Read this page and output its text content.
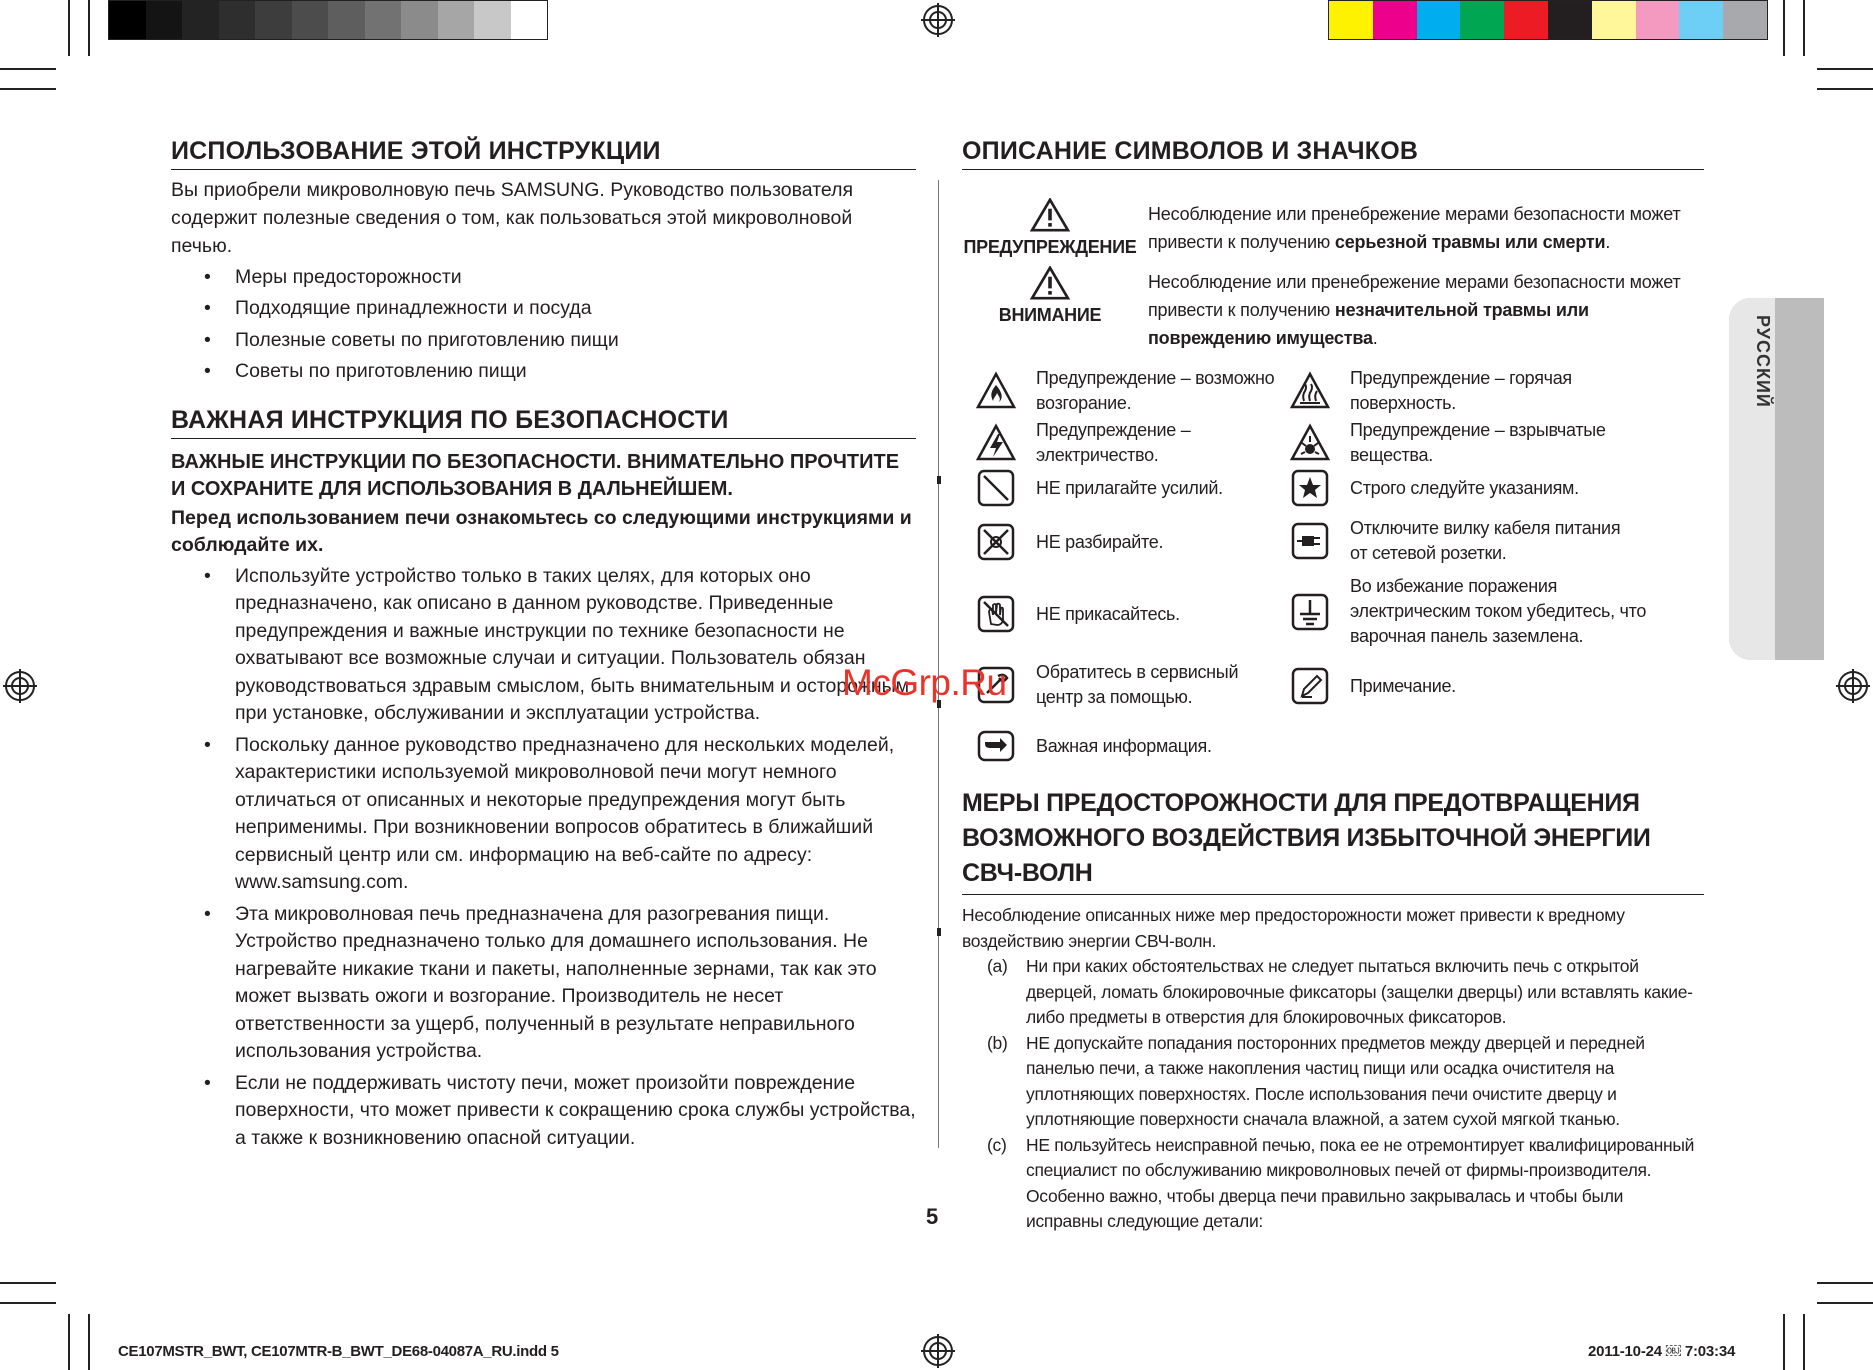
ИСПОЛЬЗОВАНИЕ ЭТОЙ ИНСТРУКЦИИ

Вы приобрели микроволновую печь SAMSUNG. Руководство пользователя содержит полезные сведения о том, как пользоваться этой микроволновой печью.

• Меры предосторожности
• Подходящие принадлежности и посуда
• Полезные советы по приготовлению пищи
• Советы по приготовлению пищи
ВАЖНАЯ ИНСТРУКЦИЯ ПО БЕЗОПАСНОСТИ
ВАЖНЫЕ ИНСТРУКЦИИ ПО БЕЗОПАСНОСТИ. ВНИМАТЕЛЬНО ПРОЧТИТЕ И СОХРАНИТЕ ДЛЯ ИСПОЛЬЗОВАНИЯ В ДАЛЬНЕЙШЕМ.
Перед использованием печи ознакомьтесь со следующими инструкциями и соблюдайте их.
• Используйте устройство только в таких целях, для которых оно предназначено, как описано в данном руководстве. Приведенные предупреждения и важные инструкции по технике безопасности не охватывают все возможные случаи и ситуации. Пользователь обязан руководствоваться здравым смыслом, быть внимательным и осторожным при установке, обслуживании и эксплуатации устройства.
• Поскольку данное руководство предназначено для нескольких моделей, характеристики используемой микроволновой печи могут немного отличаться от описанных и некоторые предупреждения могут быть неприменимы. При возникновении вопросов обратитесь в ближайший сервисный центр или см. информацию на веб-сайте по адресу: www.samsung.com.
• Эта микроволновая печь предназначена для разогревания пищи. Устройство предназначено только для домашнего использования. Не нагревайте никакие ткани и пакеты, наполненные зернами, так как это может вызвать ожоги и возгорание. Производитель не несет ответственности за ущерб, полученный в результате неправильного использования устройства.
• Если не поддерживать чистоту печи, может произойти повреждение поверхности, что может привести к сокращению срока службы устройства, а также к возникновению опасной ситуации.
ОПИСАНИЕ СИМВОЛОВ И ЗНАЧКОВ
ПРЕДУПРЕЖДЕНИЕ
Несоблюдение или пренебрежение мерами безопасности может привести к получению серьезной травмы или смерти.
ВНИМАНИЕ
Несоблюдение или пренебрежение мерами безопасности может привести к получению незначительной травмы или повреждению имущества.
Предупреждение – возможно возгорание.
Предупреждение – горячая поверхность.
Предупреждение – электричество.
Предупреждение – взрывчатые вещества.
НЕ прилагайте усилий.	Строго следуйте указаниям.
НЕ разбирайте.
Отключите вилку кабеля питания от сетевой розетки.
НЕ прикасайтесь.
Во избежание поражения электрическим током убедитесь, что варочная панель заземлена.
Обратитесь в сервисный центр за помощью.
Примечание.
Важная информация.
МЕРЫ ПРЕДОСТОРОЖНОСТИ ДЛЯ ПРЕДОТВРАЩЕНИЯ ВОЗМОЖНОГО ВОЗДЕЙСТВИЯ ИЗБЫТОЧНОЙ ЭНЕРГИИ СВЧ-ВОЛН
Несоблюдение описанных ниже мер предосторожности может привести к вредному воздействию энергии СВЧ-волн.
(a) Ни при каких обстоятельствах не следует пытаться включить печь с открытой дверцей, ломать блокировочные фиксаторы (защелки дверцы) или вставлять какие-либо предметы в отверстия для блокировочных фиксаторов.
(b) НЕ допускайте попадания посторонних предметов между дверцей и передней панелью печи, а также накопления частиц пищи или осадка очистителя на уплотняющих поверхностях. После использования печи очистите дверцу и уплотняющие поверхности сначала влажной, а затем сухой мягкой тканью.
(c) НЕ пользуйтесь неисправной печью, пока ее не отремонтирует квалифицированный специалист по обслуживанию микроволновых печей от фирмы-производителя. Особенно важно, чтобы дверца печи правильно закрывалась и чтобы были исправны следующие детали:
РУССКИЙ
McGrp.Ru
5
CE107MSTR_BWT, CE107MTR-B_BWT_DE68-04087A_RU.indd 5	2011-10-24 ￼ 7:03:34
